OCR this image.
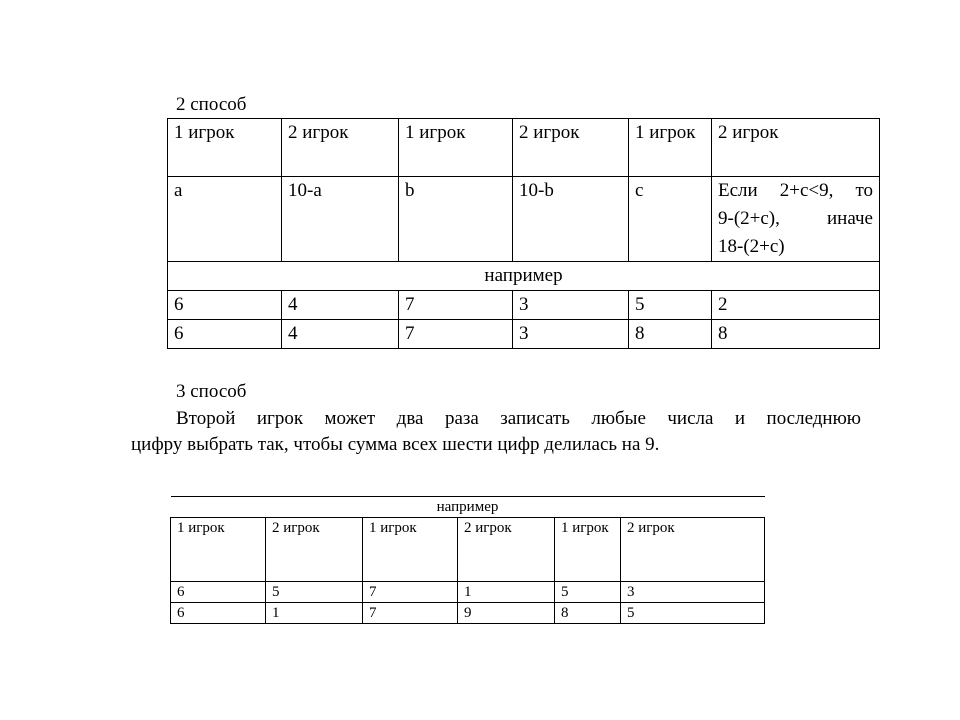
2 способ
1 игрок	2 игрок	1 игрок	2 игрок	1 игрок	2 игрок
a	10-a	b	10-b	c	Если 2+с<9, то
9-(2+с), иначе
18-(2+с)

например					
6	4	7	3	5	2
6	4	7	3	8	8
3 способ
Второй игрок может два раза записать любые числа и последнюю
цифру выбрать так, чтобы сумма всех шести цифр делилась на 9.
например					
1 игрок	2 игрок	1 игрок	2 игрок	1 игрок	2 игрок
6	5	7	1	5	3
6	1	7	9	8	5
